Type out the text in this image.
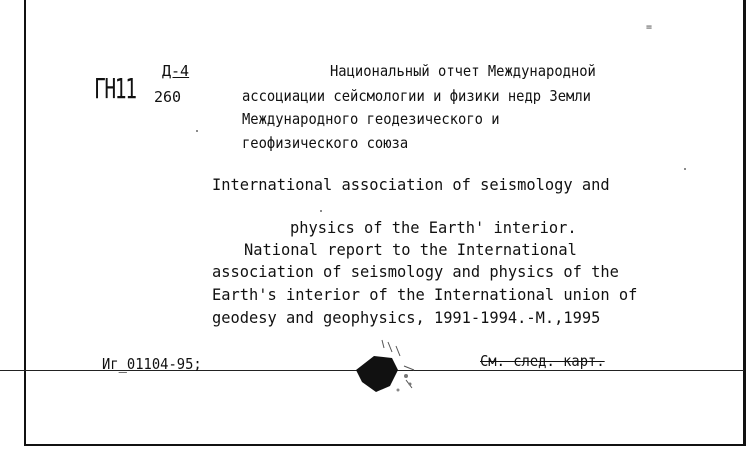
=
ГН11
Д-4
260
Национальный отчет Международной
ассоциации сейсмологии и физики недр Земли
Международного геодезического и
геофизического союза
International association of seismology and
physics of the Earth' interior.
National report to the International
association of seismology and physics of the
Earth's interior of the International union of
geodesy and geophysics, 1991-1994.-М.,1995
Иг_01104-95;	См. след. карт.
